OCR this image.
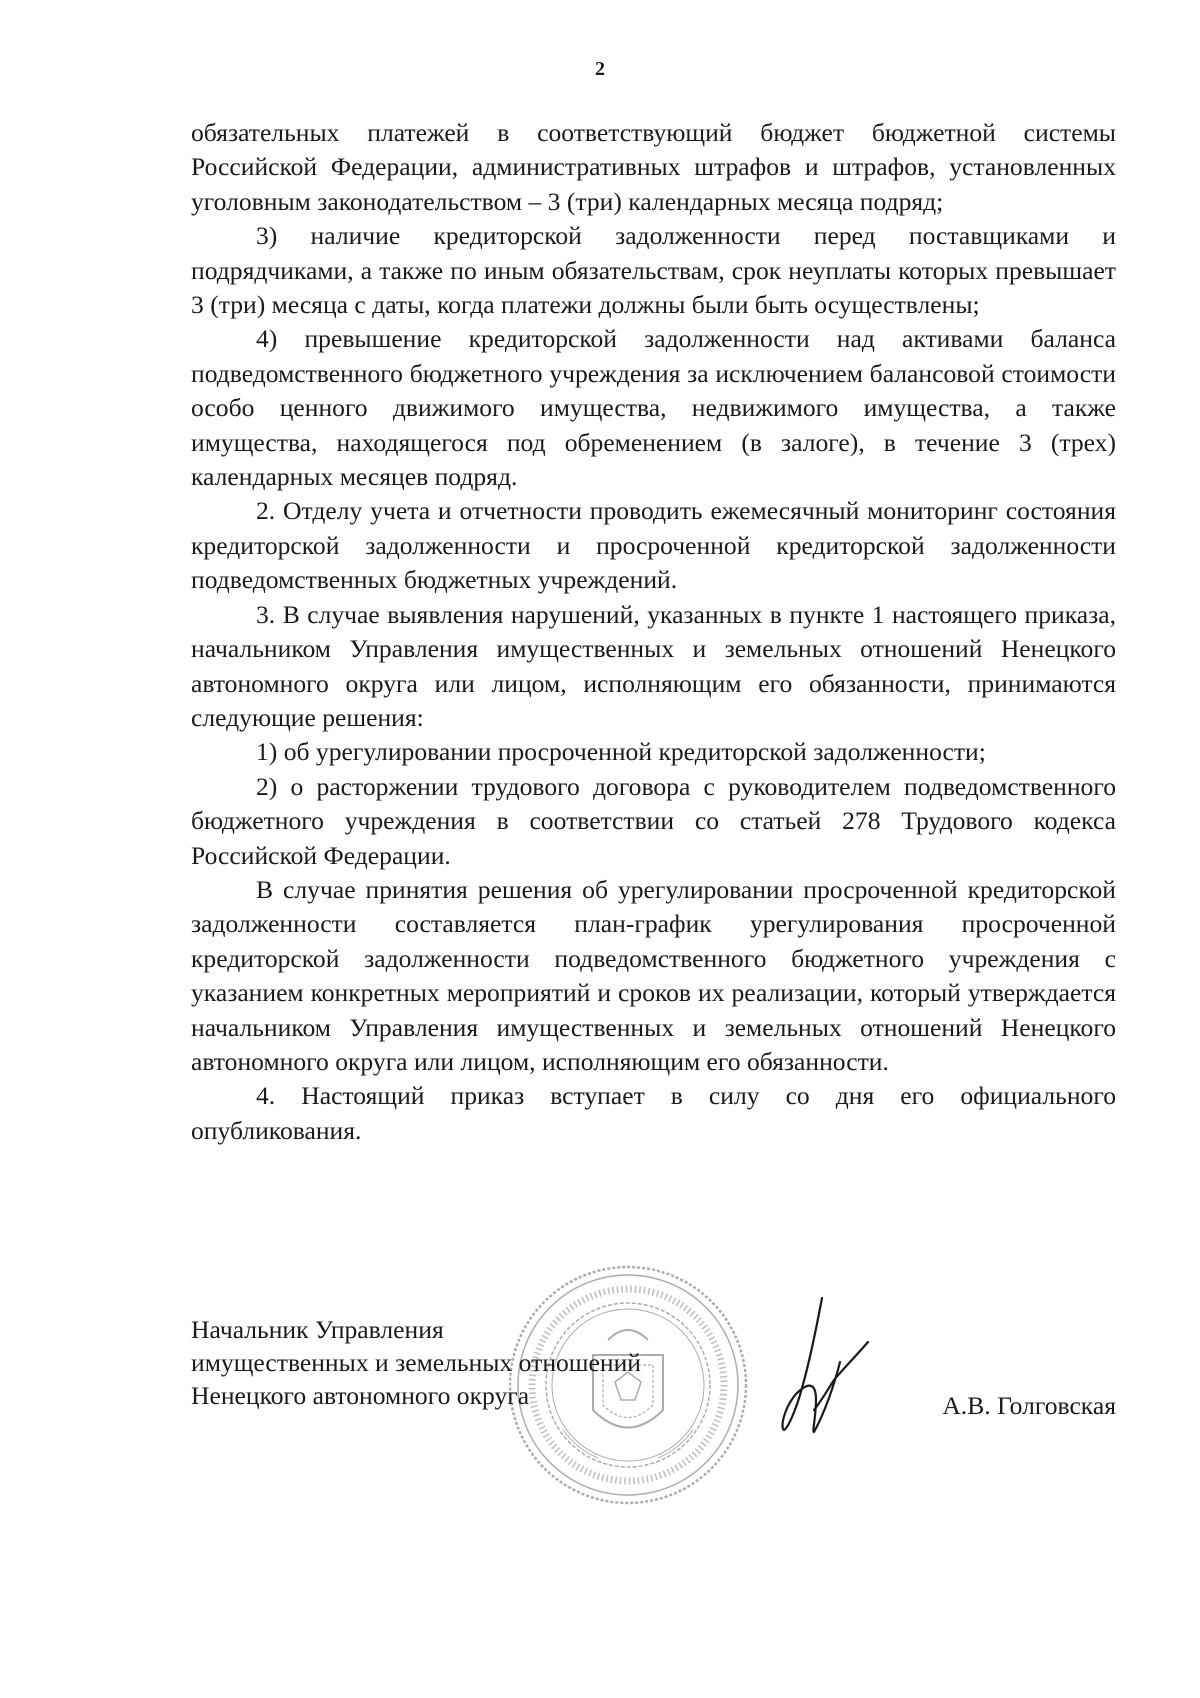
2

обязательных платежей в соответствующий бюджет бюджетной системы Российской Федерации, административных штрафов и штрафов, установленных уголовным законодательством – 3 (три) календарных месяца подряд;

3) наличие кредиторской задолженности перед поставщиками и подрядчиками, а также по иным обязательствам, срок неуплаты которых превышает 3 (три) месяца с даты, когда платежи должны были быть осуществлены;

4) превышение кредиторской задолженности над активами баланса подведомственного бюджетного учреждения за исключением балансовой стоимости особо ценного движимого имущества, недвижимого имущества, а также имущества, находящегося под обременением (в залоге), в течение 3 (трех) календарных месяцев подряд.

2. Отделу учета и отчетности проводить ежемесячный мониторинг состояния кредиторской задолженности и просроченной кредиторской задолженности подведомственных бюджетных учреждений.

3. В случае выявления нарушений, указанных в пункте 1 настоящего приказа, начальником Управления имущественных и земельных отношений Ненецкого автономного округа или лицом, исполняющим его обязанности, принимаются следующие решения:

1) об урегулировании просроченной кредиторской задолженности;

2) о расторжении трудового договора с руководителем подведомственного бюджетного учреждения в соответствии со статьей 278 Трудового кодекса Российской Федерации.

В случае принятия решения об урегулировании просроченной кредиторской задолженности составляется план-график урегулирования просроченной кредиторской задолженности подведомственного бюджетного учреждения с указанием конкретных мероприятий и сроков их реализации, который утверждается начальником Управления имущественных и земельных отношений Ненецкого автономного округа или лицом, исполняющим его обязанности.

4. Настоящий приказ вступает в силу со дня его официального опубликования.

Начальник Управления
имущественных и земельных отношений
Ненецкого автономного округа	А.В. Голговская
